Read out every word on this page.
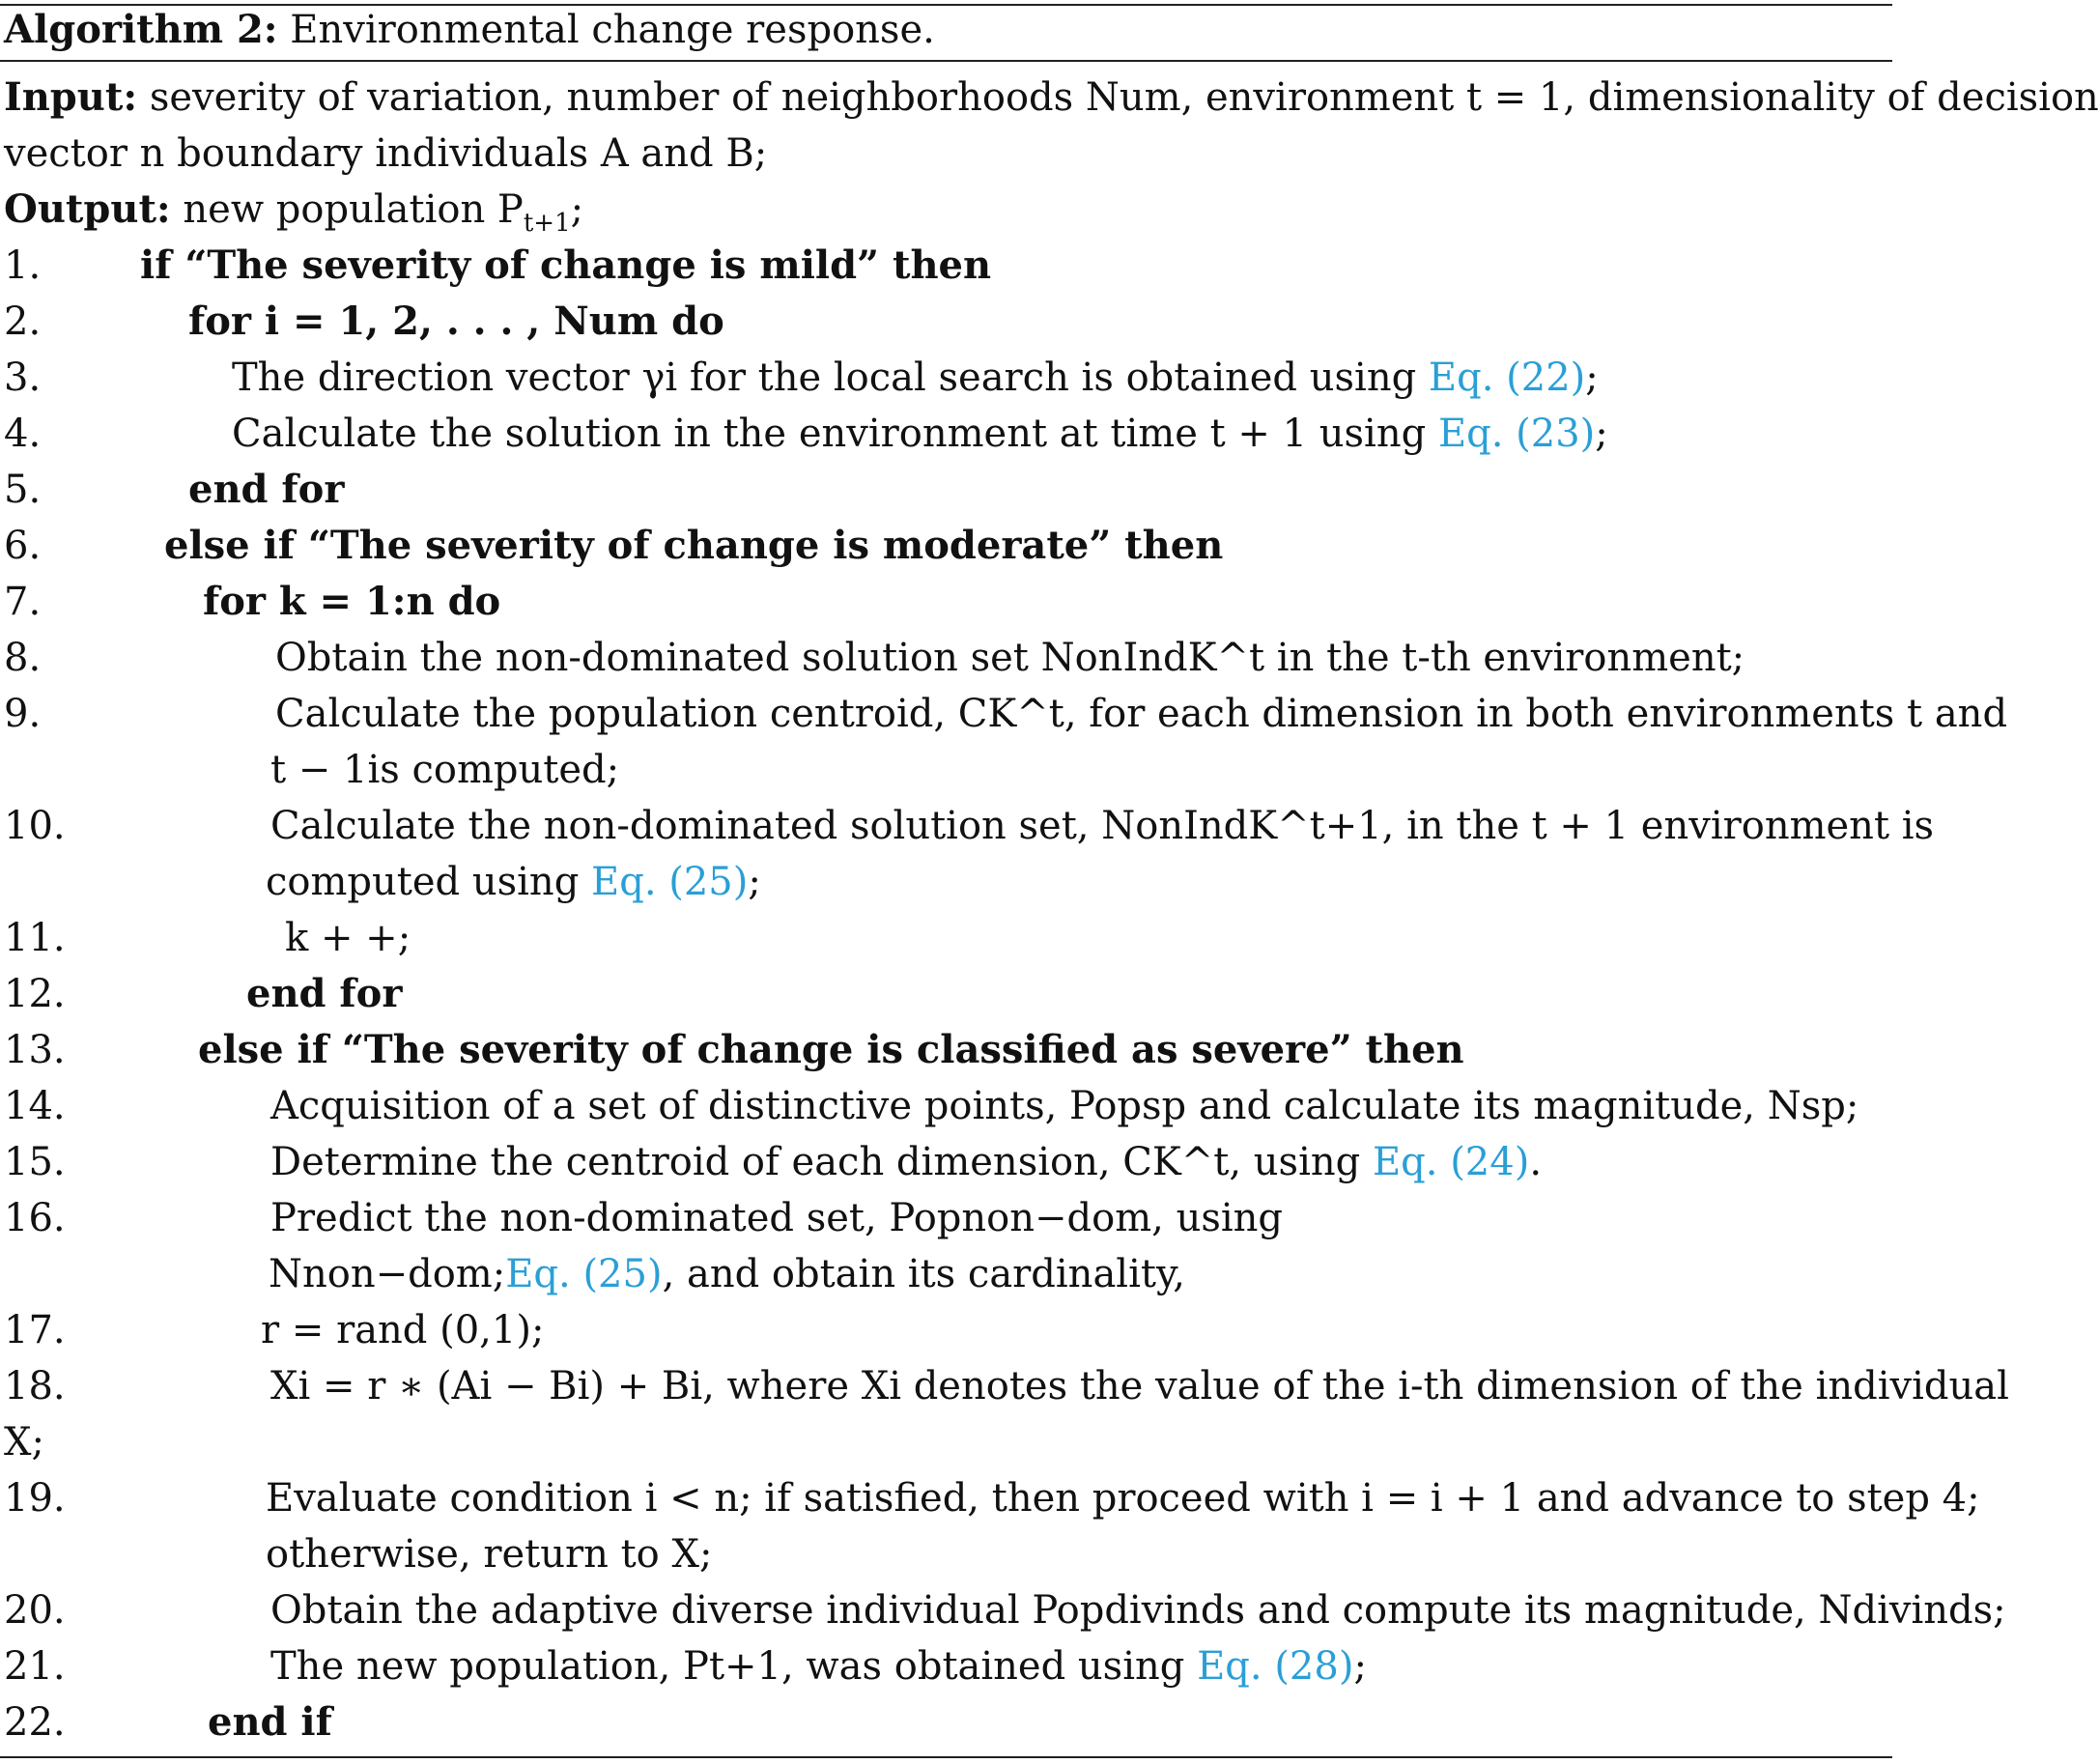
Algorithm 2: Environmental change response.
Input: severity of variation, number of neighborhoods Num, environment t = 1, dimensionality of decision
vector n boundary individuals A and B;
Output: new population $P_{t+1}$;
1.	if “The severity of change is mild” then
2.	for i = 1, 2, . . . , Num do
3.	The direction vector γi for the local search is obtained using Eq. (22);
4.	Calculate the solution in the environment at time t + 1 using Eq. (23);
5.	end for
6.	else if “The severity of change is moderate” then
7.	for k = 1:n do
8.	Obtain the non-dominated solution set NonIndK^t in the t-th environment;
9.	Calculate the population centroid, CK^t, for each dimension in both environments t and
t − 1is computed;
10.	Calculate the non-dominated solution set, NonIndK^t+1, in the t + 1 environment is
computed using Eq. (25);
11.	k + +;
12.	end for
13.	else if “The severity of change is classified as severe” then
14.	Acquisition of a set of distinctive points, Popsp and calculate its magnitude, Nsp;
15.	Determine the centroid of each dimension, CK^t, using Eq. (24).
16.	Predict the non-dominated set, Popnon−dom, using
Nnon−dom;Eq. (25), and obtain its cardinality,
17.	r = rand (0,1);
18.	Xi = r ∗ (Ai − Bi) + Bi, where Xi denotes the value of the i-th dimension of the individual
X;
19.	Evaluate condition i < n; if satisfied, then proceed with i = i + 1 and advance to step 4;
otherwise, return to X;
20.	Obtain the adaptive diverse individual Popdivinds and compute its magnitude, Ndivinds;
21.	The new population, Pt+1, was obtained using Eq. (28);
22.	end if
